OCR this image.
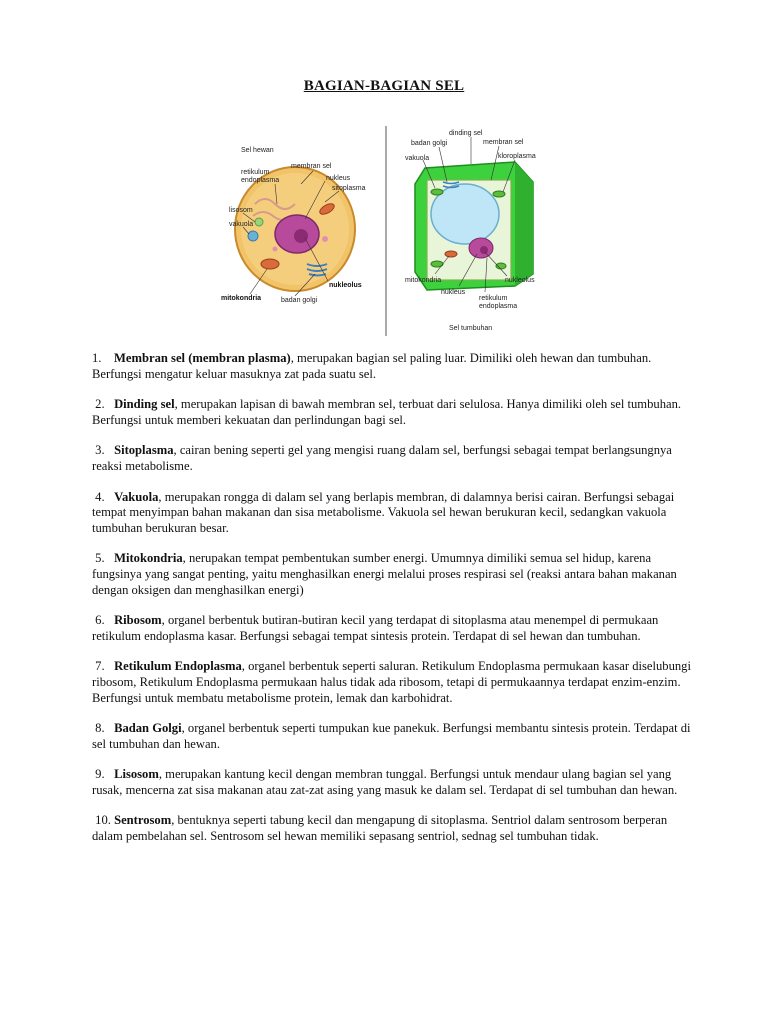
BAGIAN-BAGIAN SEL
Sel hewan
membran sel
retikulum
endoplasma	nukleus
sitoplasma
lisosom
vakuola
nukleolus
mitokondria	badan golgi
dinding sel
badan golgi	membran sel
vakuola	kloroplasma
mitokondria	nukleolus
nukleus
retikulum
endoplasma
Sel tumbuhan
1. Membran sel (membran plasma), merupakan bagian sel paling luar. Dimiliki oleh hewan dan tumbuhan. Berfungsi mengatur keluar masuknya zat pada suatu sel.
2. Dinding sel, merupakan lapisan di bawah membran sel, terbuat dari selulosa. Hanya dimiliki oleh sel tumbuhan. Berfungsi untuk memberi kekuatan dan perlindungan bagi sel.
3. Sitoplasma, cairan bening seperti gel yang mengisi ruang dalam sel, berfungsi sebagai tempat berlangsungnya reaksi metabolisme.
4. Vakuola, merupakan rongga di dalam sel yang berlapis membran, di dalamnya berisi cairan. Berfungsi sebagai tempat menyimpan bahan makanan dan sisa metabolisme. Vakuola sel hewan berukuran kecil, sedangkan vakuola tumbuhan berukuran besar.
5. Mitokondria, nerupakan tempat pembentukan sumber energi. Umumnya dimiliki semua sel hidup, karena fungsinya yang sangat penting, yaitu menghasilkan energi melalui proses respirasi sel (reaksi antara bahan makanan dengan oksigen dan menghasilkan energi)
6. Ribosom, organel berbentuk butiran-butiran kecil yang terdapat di sitoplasma atau menempel di permukaan retikulum endoplasma kasar. Berfungsi sebagai tempat sintesis protein. Terdapat di sel hewan dan tumbuhan.
7. Retikulum Endoplasma, organel berbentuk seperti saluran. Retikulum Endoplasma permukaan kasar diselubungi ribosom, Retikulum Endoplasma permukaan halus tidak ada ribosom, tetapi di permukaannya terdapat enzim-enzim. Berfungsi untuk membatu metabolisme protein, lemak dan karbohidrat.
8. Badan Golgi, organel berbentuk seperti tumpukan kue panekuk. Berfungsi membantu sintesis protein. Terdapat di sel tumbuhan dan hewan.
9. Lisosom, merupakan kantung kecil dengan membran tunggal. Berfungsi untuk mendaur ulang bagian sel yang rusak, mencerna zat sisa makanan atau zat-zat asing yang masuk ke dalam sel. Terdapat di sel tumbuhan dan hewan.
10. Sentrosom, bentuknya seperti tabung kecil dan mengapung di sitoplasma. Sentriol dalam sentrosom berperan dalam pembelahan sel. Sentrosom sel hewan memiliki sepasang sentriol, sednag sel tumbuhan tidak.
